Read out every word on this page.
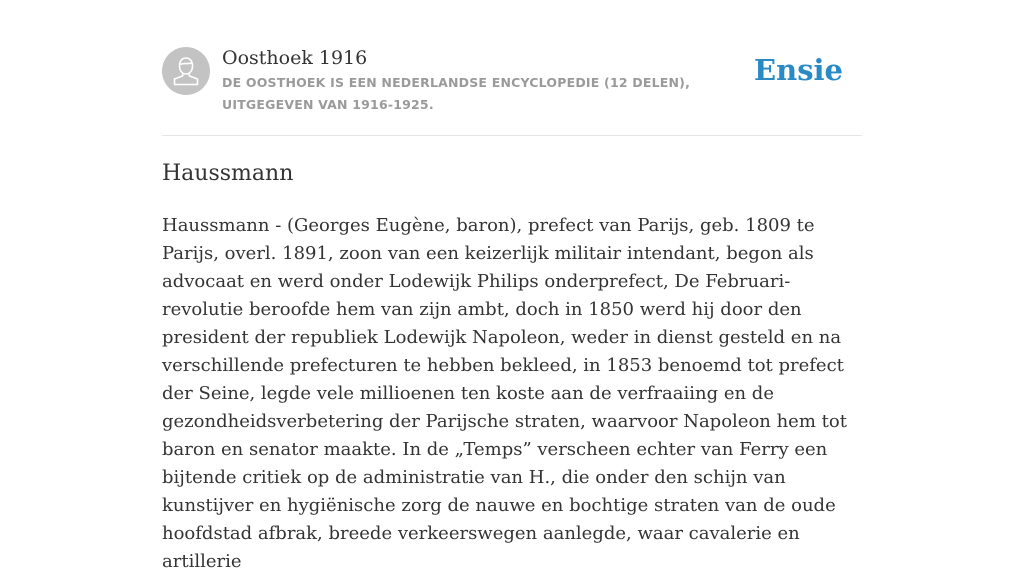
Oosthoek 1916
DE OOSTHOEK IS EEN NEDERLANDSE ENCYCLOPEDIE (12 DELEN), UITGEGEVEN VAN 1916-1925.
Ensie
Haussmann

Haussmann - (Georges Eugène, baron), prefect van Parijs, geb. 1809 te Parijs, overl. 1891, zoon van een keizerlijk militair intendant, begon als advocaat en werd onder Lodewijk Philips onderprefect, De Februari-revolutie beroofde hem van zijn ambt, doch in 1850 werd hij door den president der republiek Lodewijk Napoleon, weder in dienst gesteld en na verschillende prefecturen te hebben bekleed, in 1853 benoemd tot prefect der Seine, legde vele millioenen ten koste aan de verfraaiing en de gezondheidsverbetering der Parijsche straten, waarvoor Napoleon hem tot baron en senator maakte. In de „Temps” verscheen echter van Ferry een bijtende critiek op de administratie van H., die onder den schijn van kunstijver en hygiënische zorg de nauwe en bochtige straten van de oude hoofdstad afbrak, breede verkeerswegen aanlegde, waar cavalerie en artillerie
